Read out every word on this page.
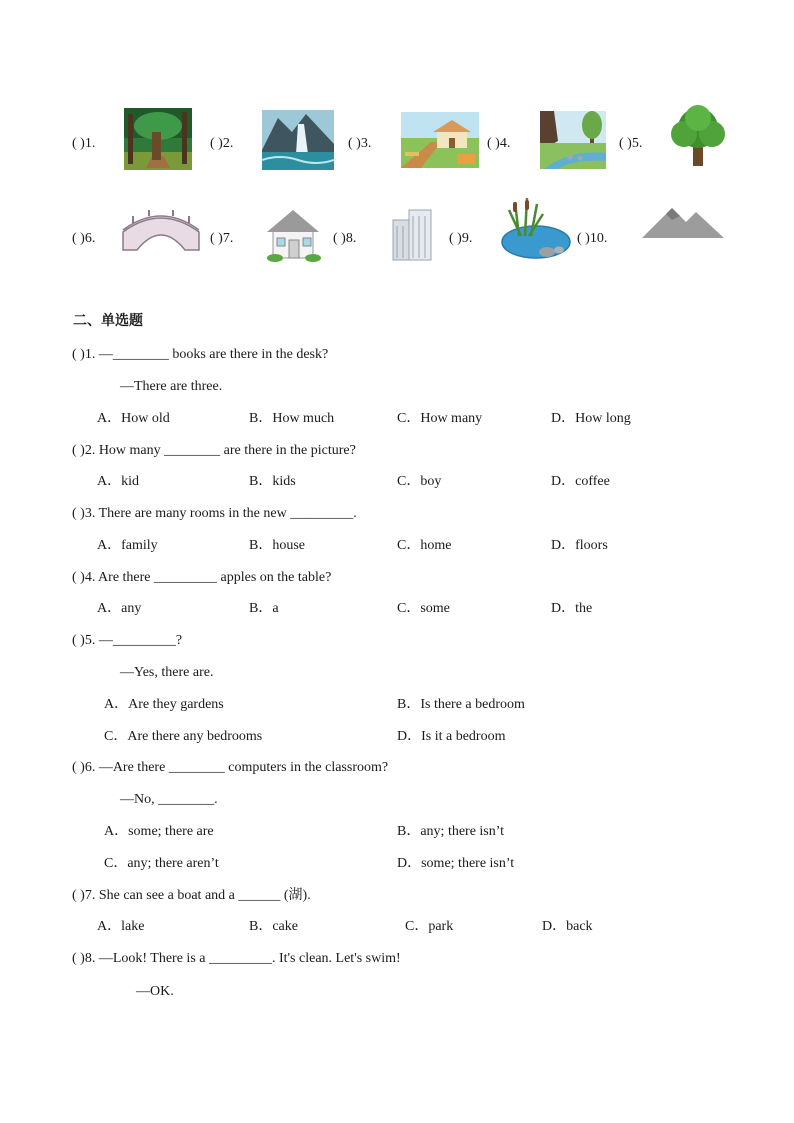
( )1.	( )2.	( )3.	( )4.	( )5.
( )6.	( )7.	( )8.	( )9.	( )10.
二、单选题
( )1. —________ books are there in the desk?
—There are three.
A．How old	B．How much	C．How many	D．How long
( )2. How many ________ are there in the picture?
A．kid	B．kids	C．boy	D．coffee
( )3. There are many rooms in the new _________.
A．family	B．house	C．home	D．floors
( )4. Are there _________ apples on the table?
A．any	B．a	C．some	D．the
( )5. —_________?
—Yes, there are.
A．Are they gardens	B．Is there a bedroom
C．Are there any bedrooms	D．Is it a bedroom
( )6. —Are there ________ computers in the classroom?
—No, ________.
A．some; there are	B．any; there isn’t
C．any; there aren’t	D．some; there isn’t
( )7. She can see a boat and a ______ (湖).
A．lake	B．cake	C．park	D．back
( )8. —Look! There is a _________. It's clean. Let's swim!
—OK.
